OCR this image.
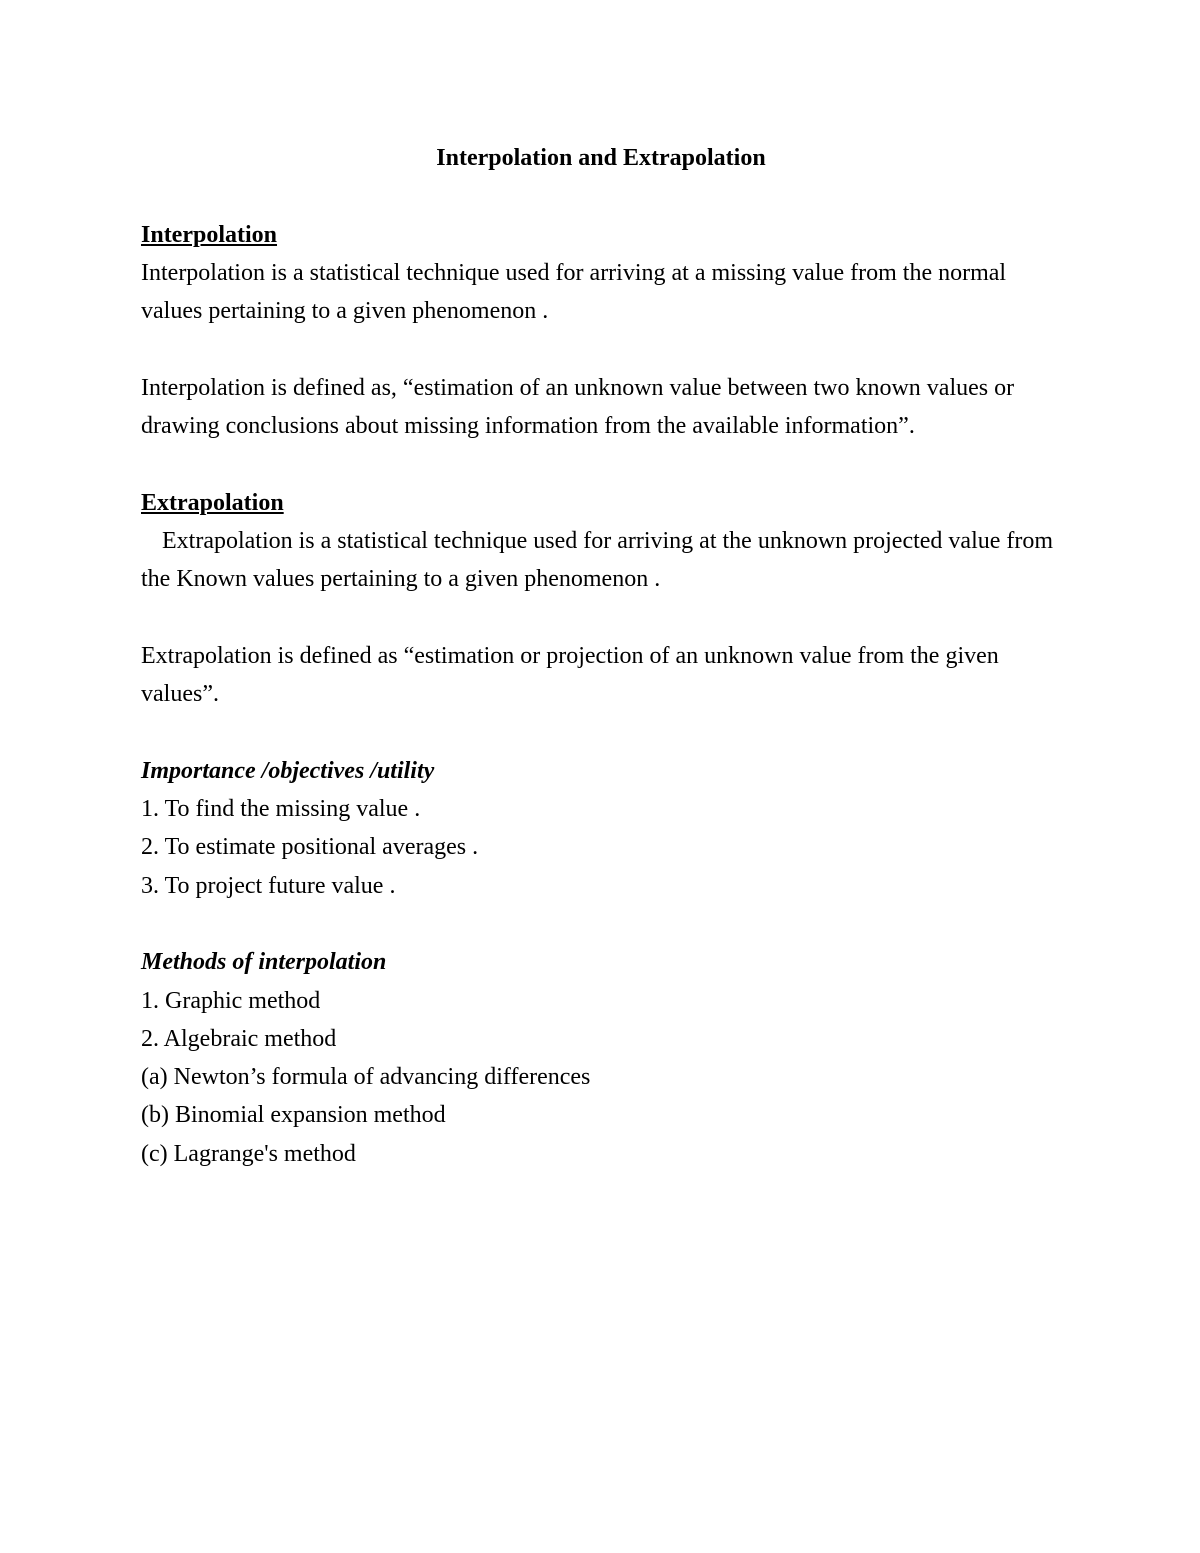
Interpolation and Extrapolation

Interpolation

Interpolation is a statistical technique used for arriving at a missing value from the normal values pertaining to a given phenomenon .

Interpolation is defined as, “estimation of an unknown value between two known values or drawing conclusions about missing information from the available information”.

Extrapolation

Extrapolation is a statistical technique used for arriving at the unknown projected value from the Known values pertaining to a given phenomenon .

Extrapolation is defined as “estimation or projection of an unknown value from the given values”.

Importance /objectives /utility

1. To find the missing value .
2. To estimate positional averages .
3. To project future value .

Methods of interpolation

1. Graphic method
2. Algebraic method
(a) Newton’s formula of advancing differences
(b) Binomial expansion method
(c) Lagrange's method
